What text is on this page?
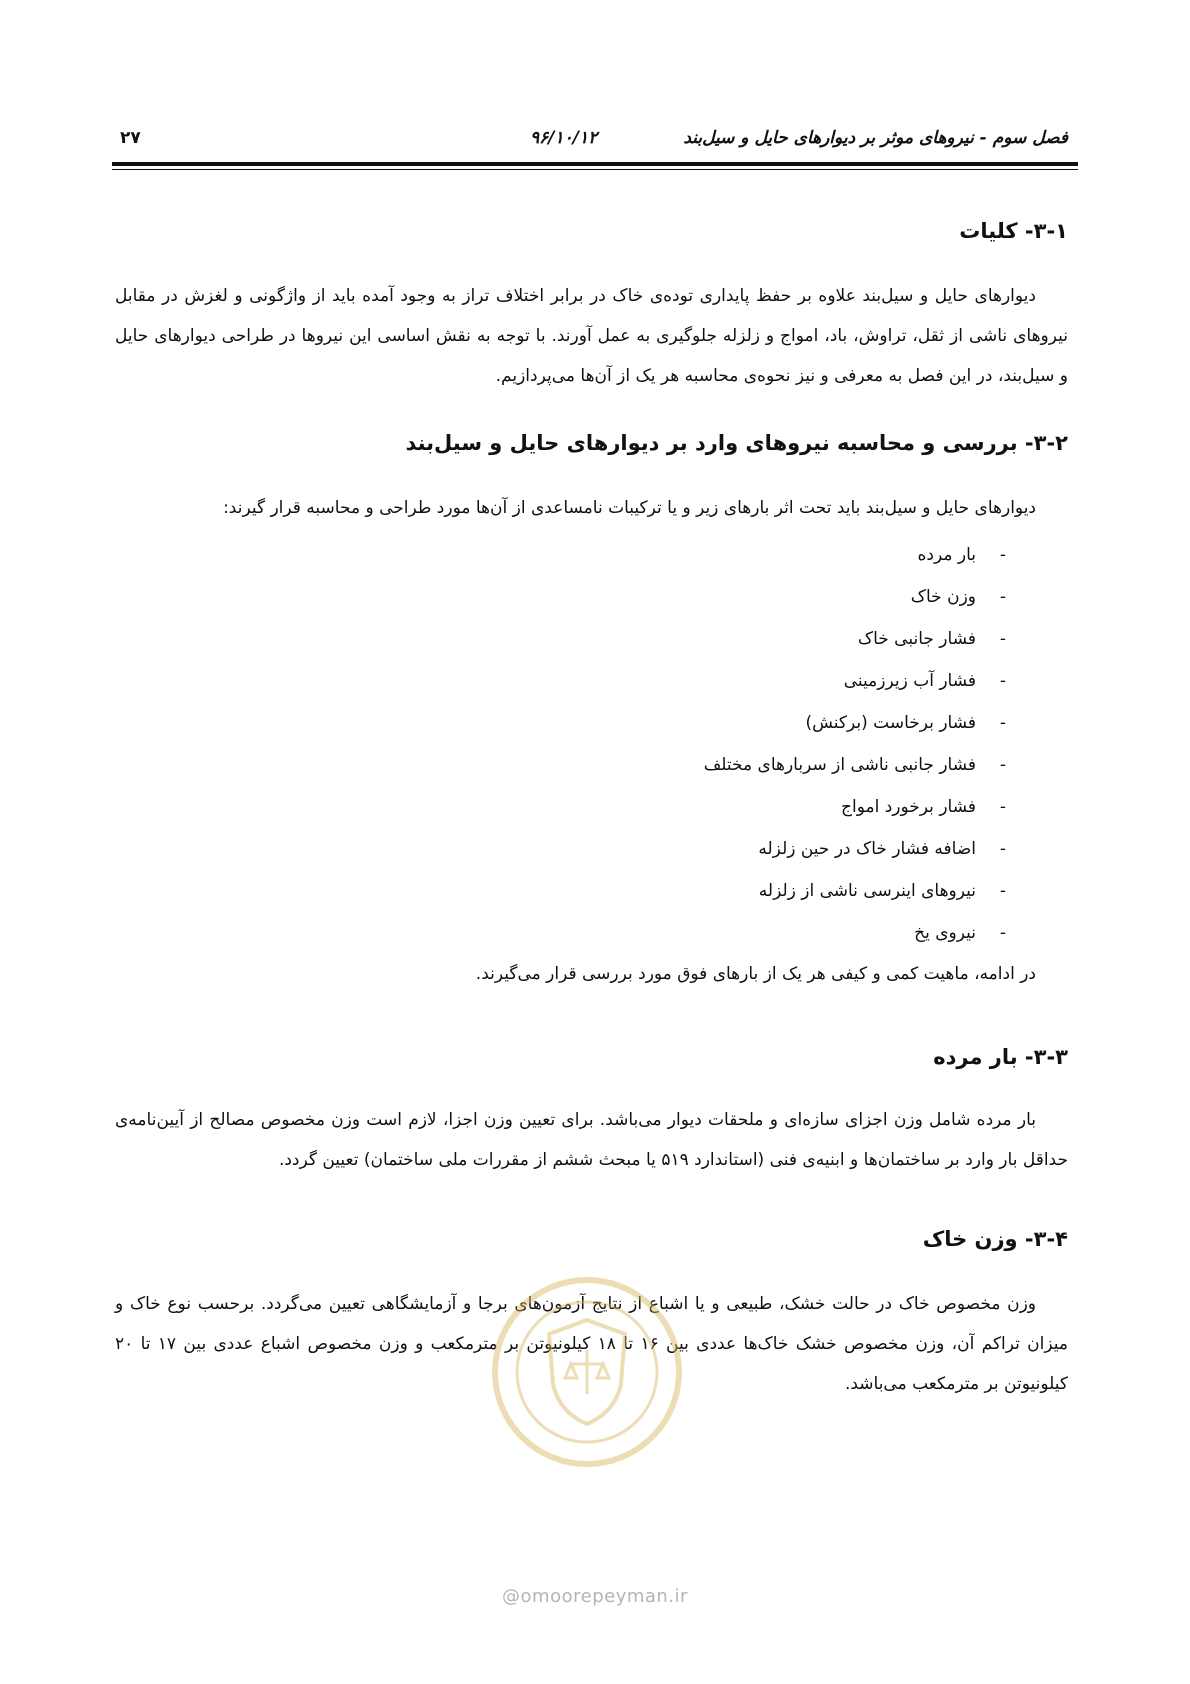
فصل سوم - نیروهای موثر بر دیوارهای حایل و سیل‌بند
۹۶/۱۰/۱۲
۲۷
۳-۱- کلیات

دیوارهای حایل و سیل‌بند علاوه بر حفظ پایداری توده‌ی خاک در برابر اختلاف تراز به وجود آمده باید از واژگونی و لغزش در مقابل نیروهای ناشی از ثقل، تراوش، باد، امواج و زلزله جلوگیری به عمل آورند. با توجه به نقش اساسی این نیروها در طراحی دیوارهای حایل و سیل‌بند، در این فصل به معرفی و نیز نحوه‌ی محاسبه هر یک از آن‌ها می‌پردازیم.

۳-۲- بررسی و محاسبه نیروهای وارد بر دیوارهای حایل و سیل‌بند

دیوارهای حایل و سیل‌بند باید تحت اثر بارهای زیر و یا ترکیبات نامساعدی از آن‌ها مورد طراحی و محاسبه قرار گیرند:

-
بار مرده
-
وزن خاک
-
فشار جانبی خاک
-
فشار آب زیرزمینی
-
فشار برخاست (برکنش)
-
فشار جانبی ناشی از سربارهای مختلف
-
فشار برخورد امواج
-
اضافه فشار خاک در حین زلزله
-
نیروهای اینرسی ناشی از زلزله
-
نیروی یخ

در ادامه، ماهیت کمی و کیفی هر یک از بارهای فوق مورد بررسی قرار می‌گیرند.

۳-۳- بار مرده

بار مرده شامل وزن اجزای سازه‌ای و ملحقات دیوار می‌باشد. برای تعیین وزن اجزا، لازم است وزن مخصوص مصالح از آیین‌نامه‌ی حداقل بار وارد بر ساختمان‌ها و ابنیه‌ی فنی (استاندارد ۵۱۹ یا مبحث ششم از مقررات ملی ساختمان) تعیین گردد.

۳-۴- وزن خاک

وزن مخصوص خاک در حالت خشک، طبیعی و یا اشباع از نتایج آزمون‌های برجا و آزمایشگاهی تعیین می‌گردد. برحسب نوع خاک و میزان تراکم آن، وزن مخصوص خشک خاک‌ها عددی بین ۱۶ تا ۱۸ کیلونیوتن بر مترمکعب و وزن مخصوص اشباع عددی بین ۱۷ تا ۲۰ کیلونیوتن بر مترمکعب می‌باشد.

@omoorepeyman.ir
